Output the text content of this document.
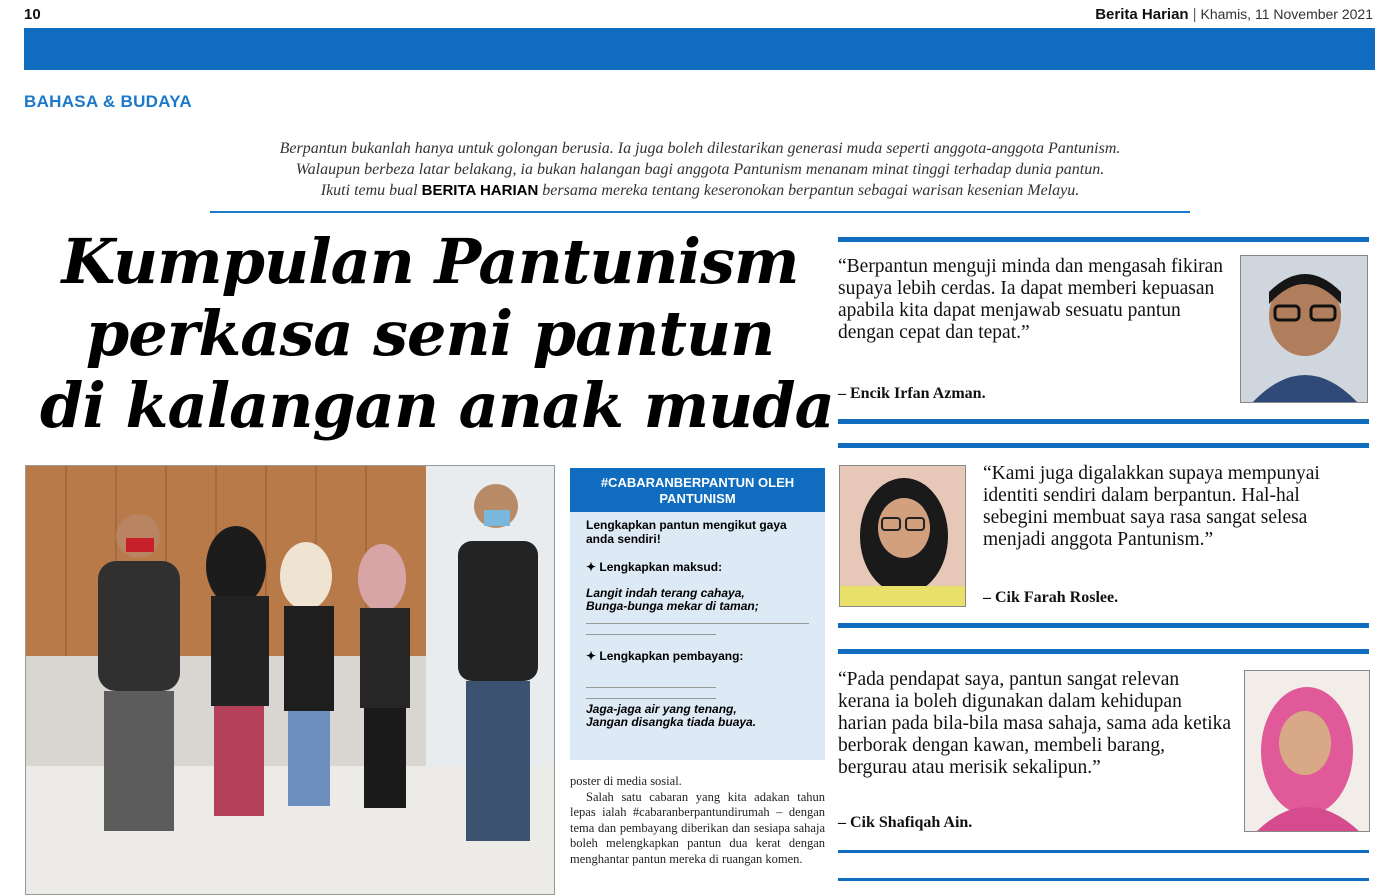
10	Berita Harian | Khamis, 11 November 2021
BAHASA & BUDAYA
Berpantun bukanlah hanya untuk golongan berusia. Ia juga boleh dilestarikan generasi muda seperti anggota-anggota Pantunism.
Walaupun berbeza latar belakang, ia bukan halangan bagi anggota Pantunism menanam minat tinggi terhadap dunia pantun.
Ikuti temu bual BERITA HARIAN bersama mereka tentang keseronokan berpantun sebagai warisan kesenian Melayu.
Kumpulan Pantunism
perkasa seni pantun
di kalangan anak muda
#CABARANBERPANTUN OLEH PANTUNISM
Lengkapkan pantun mengikut gaya anda sendiri!
✦ Lengkapkan maksud:
Langit indah terang cahaya,
Bunga-bunga mekar di taman;
✦ Lengkapkan pembayang:
Jaga-jaga air yang tenang,
Jangan disangka tiada buaya.

poster di media sosial.

Salah satu cabaran yang kita adakan tahun lepas ialah #cabaranberpantundirumah – dengan tema dan pembayang diberikan dan sesiapa sahaja boleh melengkapkan pantun dua kerat dengan menghantar pantun mereka di ruangan komen.

“Berpantun menguji minda dan mengasah fikiran supaya lebih cerdas. Ia dapat memberi kepuasan apabila kita dapat menjawab sesuatu pantun dengan cepat dan tepat.”
– Encik Irfan Azman.
“Kami juga digalakkan supaya mempunyai identiti sendiri dalam berpantun. Hal-hal sebegini membuat saya rasa sangat selesa menjadi anggota Pantunism.”
– Cik Farah Roslee.
“Pada pendapat saya, pantun sangat relevan kerana ia boleh digunakan dalam kehidupan harian pada bila-bila masa sahaja, sama ada ketika berborak dengan kawan, membeli barang, bergurau atau merisik sekalipun.”
– Cik Shafiqah Ain.
